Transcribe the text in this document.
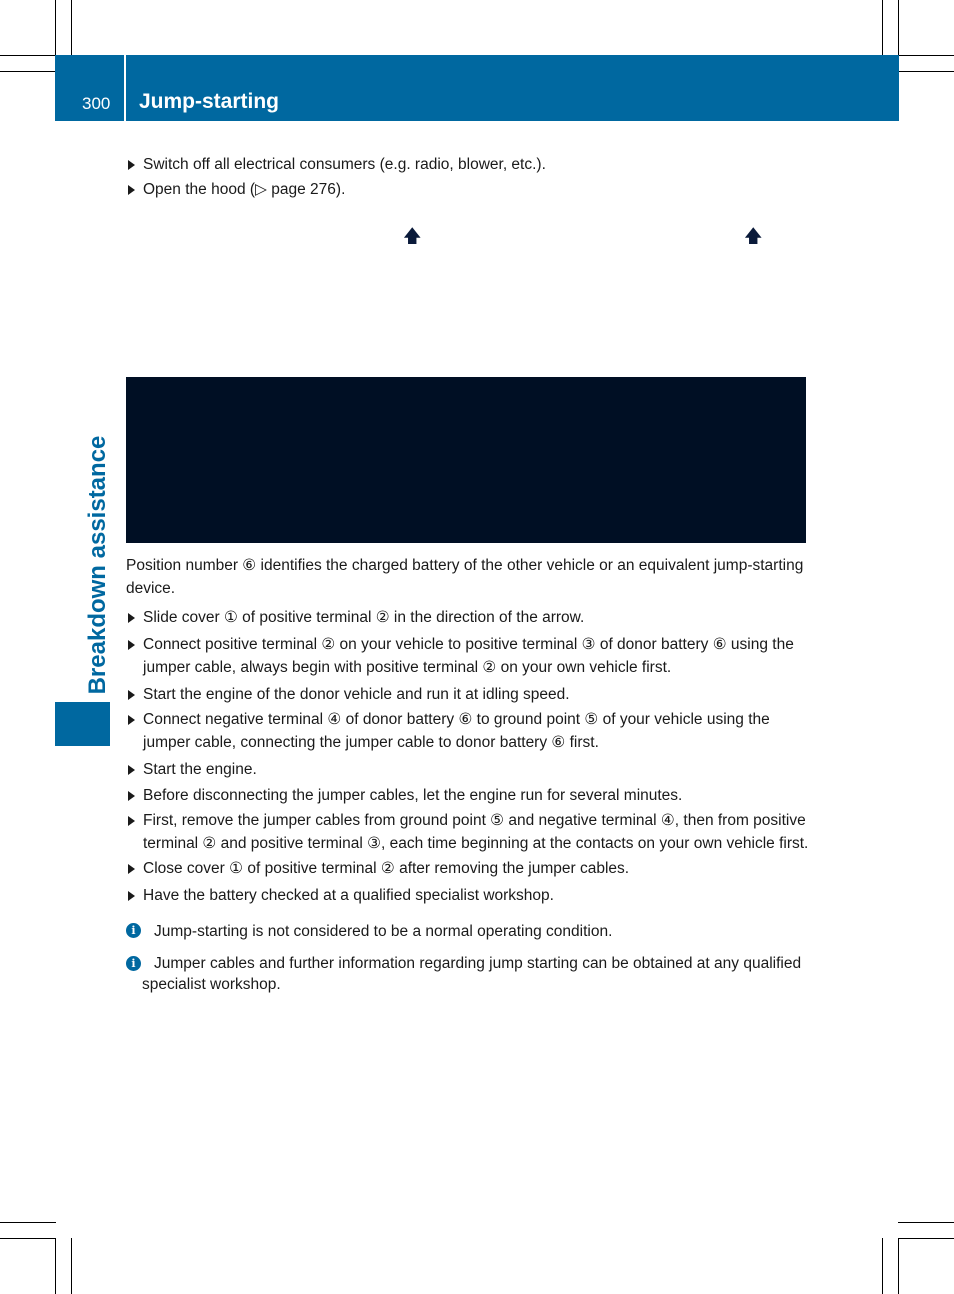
300 Jump-starting
Breakdown assistance

Switch off all electrical consumers (e.g. radio, blower, etc.).

Open the hood (▷ page 276).

🡅	🡅

Position number ⑥ identifies the charged battery of the other vehicle or an equivalent jump-starting device.

Slide cover ① of positive terminal ② in the direction of the arrow.

Connect positive terminal ② on your vehicle to positive terminal ③ of donor battery ⑥ using the jumper cable, always begin with positive terminal ② on your own vehicle first.

Start the engine of the donor vehicle and run it at idling speed.

Connect negative terminal ④ of donor battery ⑥ to ground point ⑤ of your vehicle using the jumper cable, connecting the jumper cable to donor battery ⑥ first.

Start the engine.

Before disconnecting the jumper cables, let the engine run for several minutes.

First, remove the jumper cables from ground point ⑤ and negative terminal ④, then from positive terminal ② and positive terminal ③, each time beginning at the contacts on your own vehicle first.

Close cover ① of positive terminal ② after removing the jumper cables.

Have the battery checked at a qualified specialist workshop.

i	Jump-starting is not considered to be a normal operating condition.

i	Jumper cables and further information regarding jump starting can be obtained at any qualified specialist workshop.
